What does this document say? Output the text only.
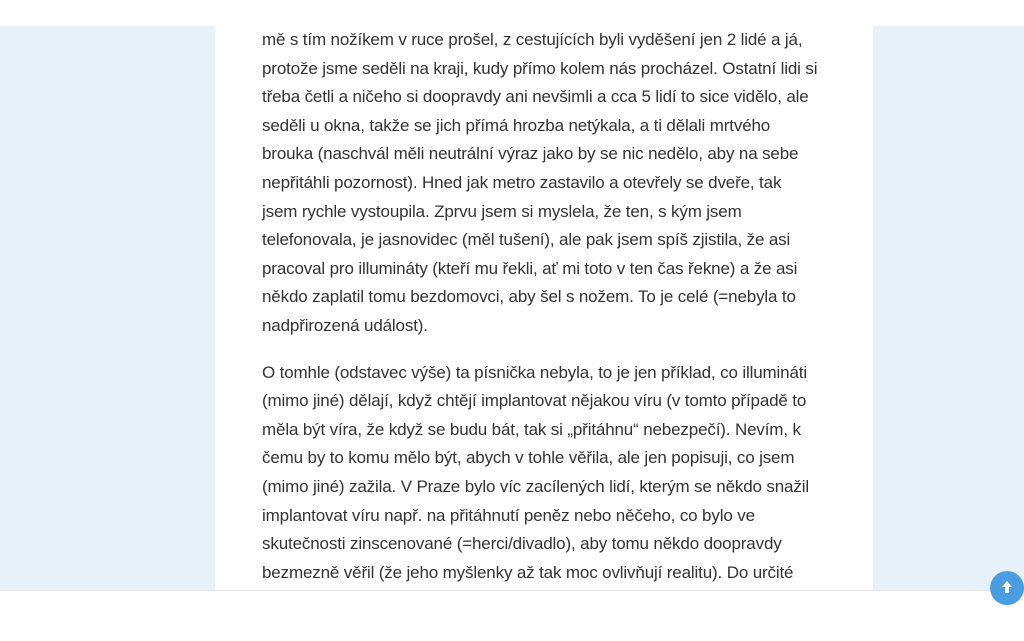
mě s tím nožíkem v ruce prošel, z cestujících byli vyděšení jen 2 lidé a já,
protože jsme seděli na kraji, kudy přímo kolem nás procházel. Ostatní lidi si
třeba četli a ničeho si doopravdy ani nevšimli a cca 5 lidí to sice vidělo, ale
seděli u okna, takže se jich přímá hrozba netýkala, a ti dělali mrtvého
brouka (naschvál měli neutrální výraz jako by se nic nedělo, aby na sebe
nepřitáhli pozornost). Hned jak metro zastavilo a otevřely se dveře, tak
jsem rychle vystoupila. Zprvu jsem si myslela, že ten, s kým jsem
telefonovala, je jasnovidec (měl tušení), ale pak jsem spíš zjistila, že asi
pracoval pro illumináty (kteří mu řekli, ať mi toto v ten čas řekne) a že asi
někdo zaplatil tomu bezdomovci, aby šel s nožem. To je celé (=nebyla to
nadpřirozená událost).

O tomhle (odstavec výše) ta písnička nebyla, to je jen příklad, co illumináti
(mimo jiné) dělají, když chtějí implantovat nějakou víru (v tomto případě to
měla být víra, že když se budu bát, tak si „přitáhnu“ nebezpečí). Nevím, k
čemu by to komu mělo být, abych v tohle věřila, ale jen popisuji, co jsem
(mimo jiné) zažila. V Praze bylo víc zacílených lidí, kterým se někdo snažil
implantovat víru např. na přitáhnutí peněz nebo něčeho, co bylo ve
skutečnosti zinscenované (=herci/divadlo), aby tomu někdo doopravdy
bezmezně věřil (že jeho myšlenky až tak moc ovlivňují realitu). Do určité
